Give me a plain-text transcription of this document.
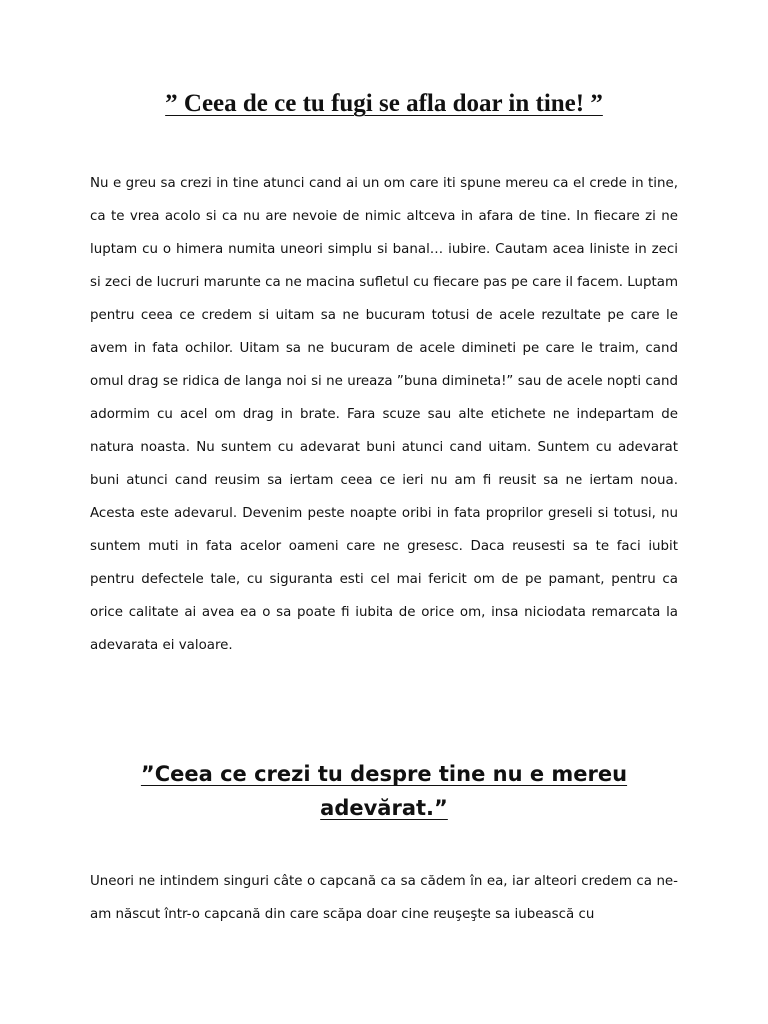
” Ceea de ce tu fugi se afla doar in tine! ”

Nu e greu sa crezi in tine atunci cand ai un om care iti spune mereu ca el crede in tine, ca te vrea acolo si ca nu are nevoie de nimic altceva in afara de tine. In fiecare zi ne luptam cu o himera numita uneori simplu si banal… iubire. Cautam acea liniste in zeci si zeci de lucruri marunte ca ne macina sufletul cu fiecare pas pe care il facem. Luptam pentru ceea ce credem si uitam sa ne bucuram totusi de acele rezultate pe care le avem in fata ochilor. Uitam sa ne bucuram de acele dimineti pe care le traim, cand omul drag se ridica de langa noi si ne ureaza ”buna dimineta!” sau de acele nopti cand adormim cu acel om drag in brate. Fara scuze sau alte etichete ne indepartam de natura noasta. Nu suntem cu adevarat buni atunci cand uitam. Suntem cu adevarat buni atunci cand reusim sa iertam ceea ce ieri nu am fi reusit sa ne iertam noua. Acesta este adevarul. Devenim peste noapte oribi in fata proprilor greseli si totusi, nu suntem muti in fata acelor oameni care ne gresesc. Daca reusesti sa te faci iubit pentru defectele tale, cu siguranta esti cel mai fericit om de pe pamant, pentru ca orice calitate ai avea ea o sa poate fi iubita de orice om, insa niciodata remarcata la adevarata ei valoare.

”Ceea ce crezi tu despre tine nu e mereu adevărat.”

Uneori ne intindem singuri câte o capcană ca sa cădem în ea, iar alteori credem ca ne-am născut într-o capcană din care scăpa doar cine reuşeşte sa iubească cu
